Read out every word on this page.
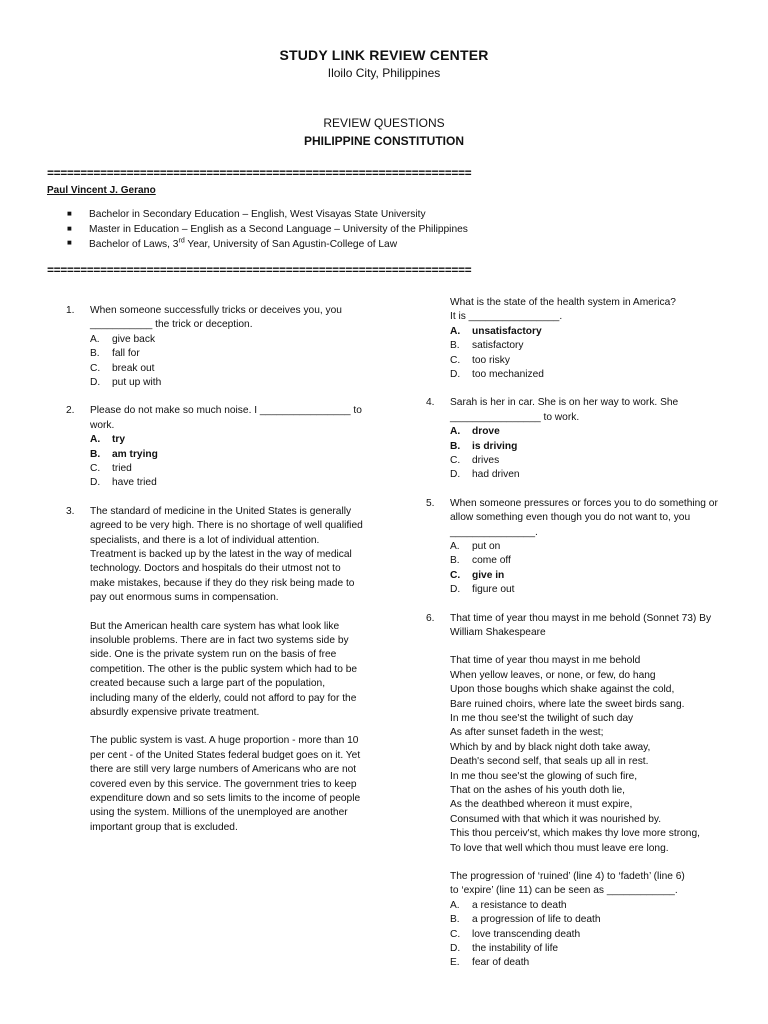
STUDY LINK REVIEW CENTER
Iloilo City, Philippines
REVIEW QUESTIONS
PHILIPPINE CONSTITUTION
================================================================
Paul Vincent J. Gerano
■ Bachelor in Secondary Education – English, West Visayas State University
■ Master in Education – English as a Second Language – University of the Philippines
■ Bachelor of Laws, 3rd Year, University of San Agustin-College of Law
================================================================
1. When someone successfully tricks or deceives you, you ___________ the trick or deception.
A. give back
B. fall for
C. break out
D. put up with
2. Please do not make so much noise. I ________________ to work.
A. try
B. am trying
C. tried
D. have tried
3. The standard of medicine in the United States is generally agreed to be very high. There is no shortage of well qualified specialists, and there is a lot of individual attention. Treatment is backed up by the latest in the way of medical technology. Doctors and hospitals do their utmost not to make mistakes, because if they do they risk being made to pay out enormous sums in compensation.
But the American health care system has what look like insoluble problems. There are in fact two systems side by side. One is the private system run on the basis of free competition. The other is the public system which had to be created because such a large part of the population, including many of the elderly, could not afford to pay for the absurdly expensive private treatment.
The public system is vast. A huge proportion - more than 10 per cent - of the United States federal budget goes on it. Yet there are still very large numbers of Americans who are not covered even by this service. The government tries to keep expenditure down and so sets limits to the income of people using the system. Millions of the unemployed are another important group that is excluded.
What is the state of the health system in America?
It is ________________.
A. unsatisfactory
B. satisfactory
C. too risky
D. too mechanized
4. Sarah is her in car. She is on her way to work. She ________________ to work.
A. drove
B. is driving
C. drives
D. had driven
5. When someone pressures or forces you to do something or allow something even though you do not want to, you _______________.
A. put on
B. come off
C. give in
D. figure out
6. That time of year thou mayst in me behold (Sonnet 73) By William Shakespeare
That time of year thou mayst in me behold
When yellow leaves, or none, or few, do hang
Upon those boughs which shake against the cold,
Bare ruined choirs, where late the sweet birds sang.
In me thou see'st the twilight of such day
As after sunset fadeth in the west;
Which by and by black night doth take away,
Death's second self, that seals up all in rest.
In me thou see'st the glowing of such fire,
That on the ashes of his youth doth lie,
As the deathbed whereon it must expire,
Consumed with that which it was nourished by.
This thou perceiv'st, which makes thy love more strong,
To love that well which thou must leave ere long.
The progression of ‘ruined’ (line 4) to ‘fadeth’ (line 6)
to ‘expire’ (line 11) can be seen as ____________.
A. a resistance to death
B. a progression of life to death
C. love transcending death
D. the instability of life
E. fear of death
